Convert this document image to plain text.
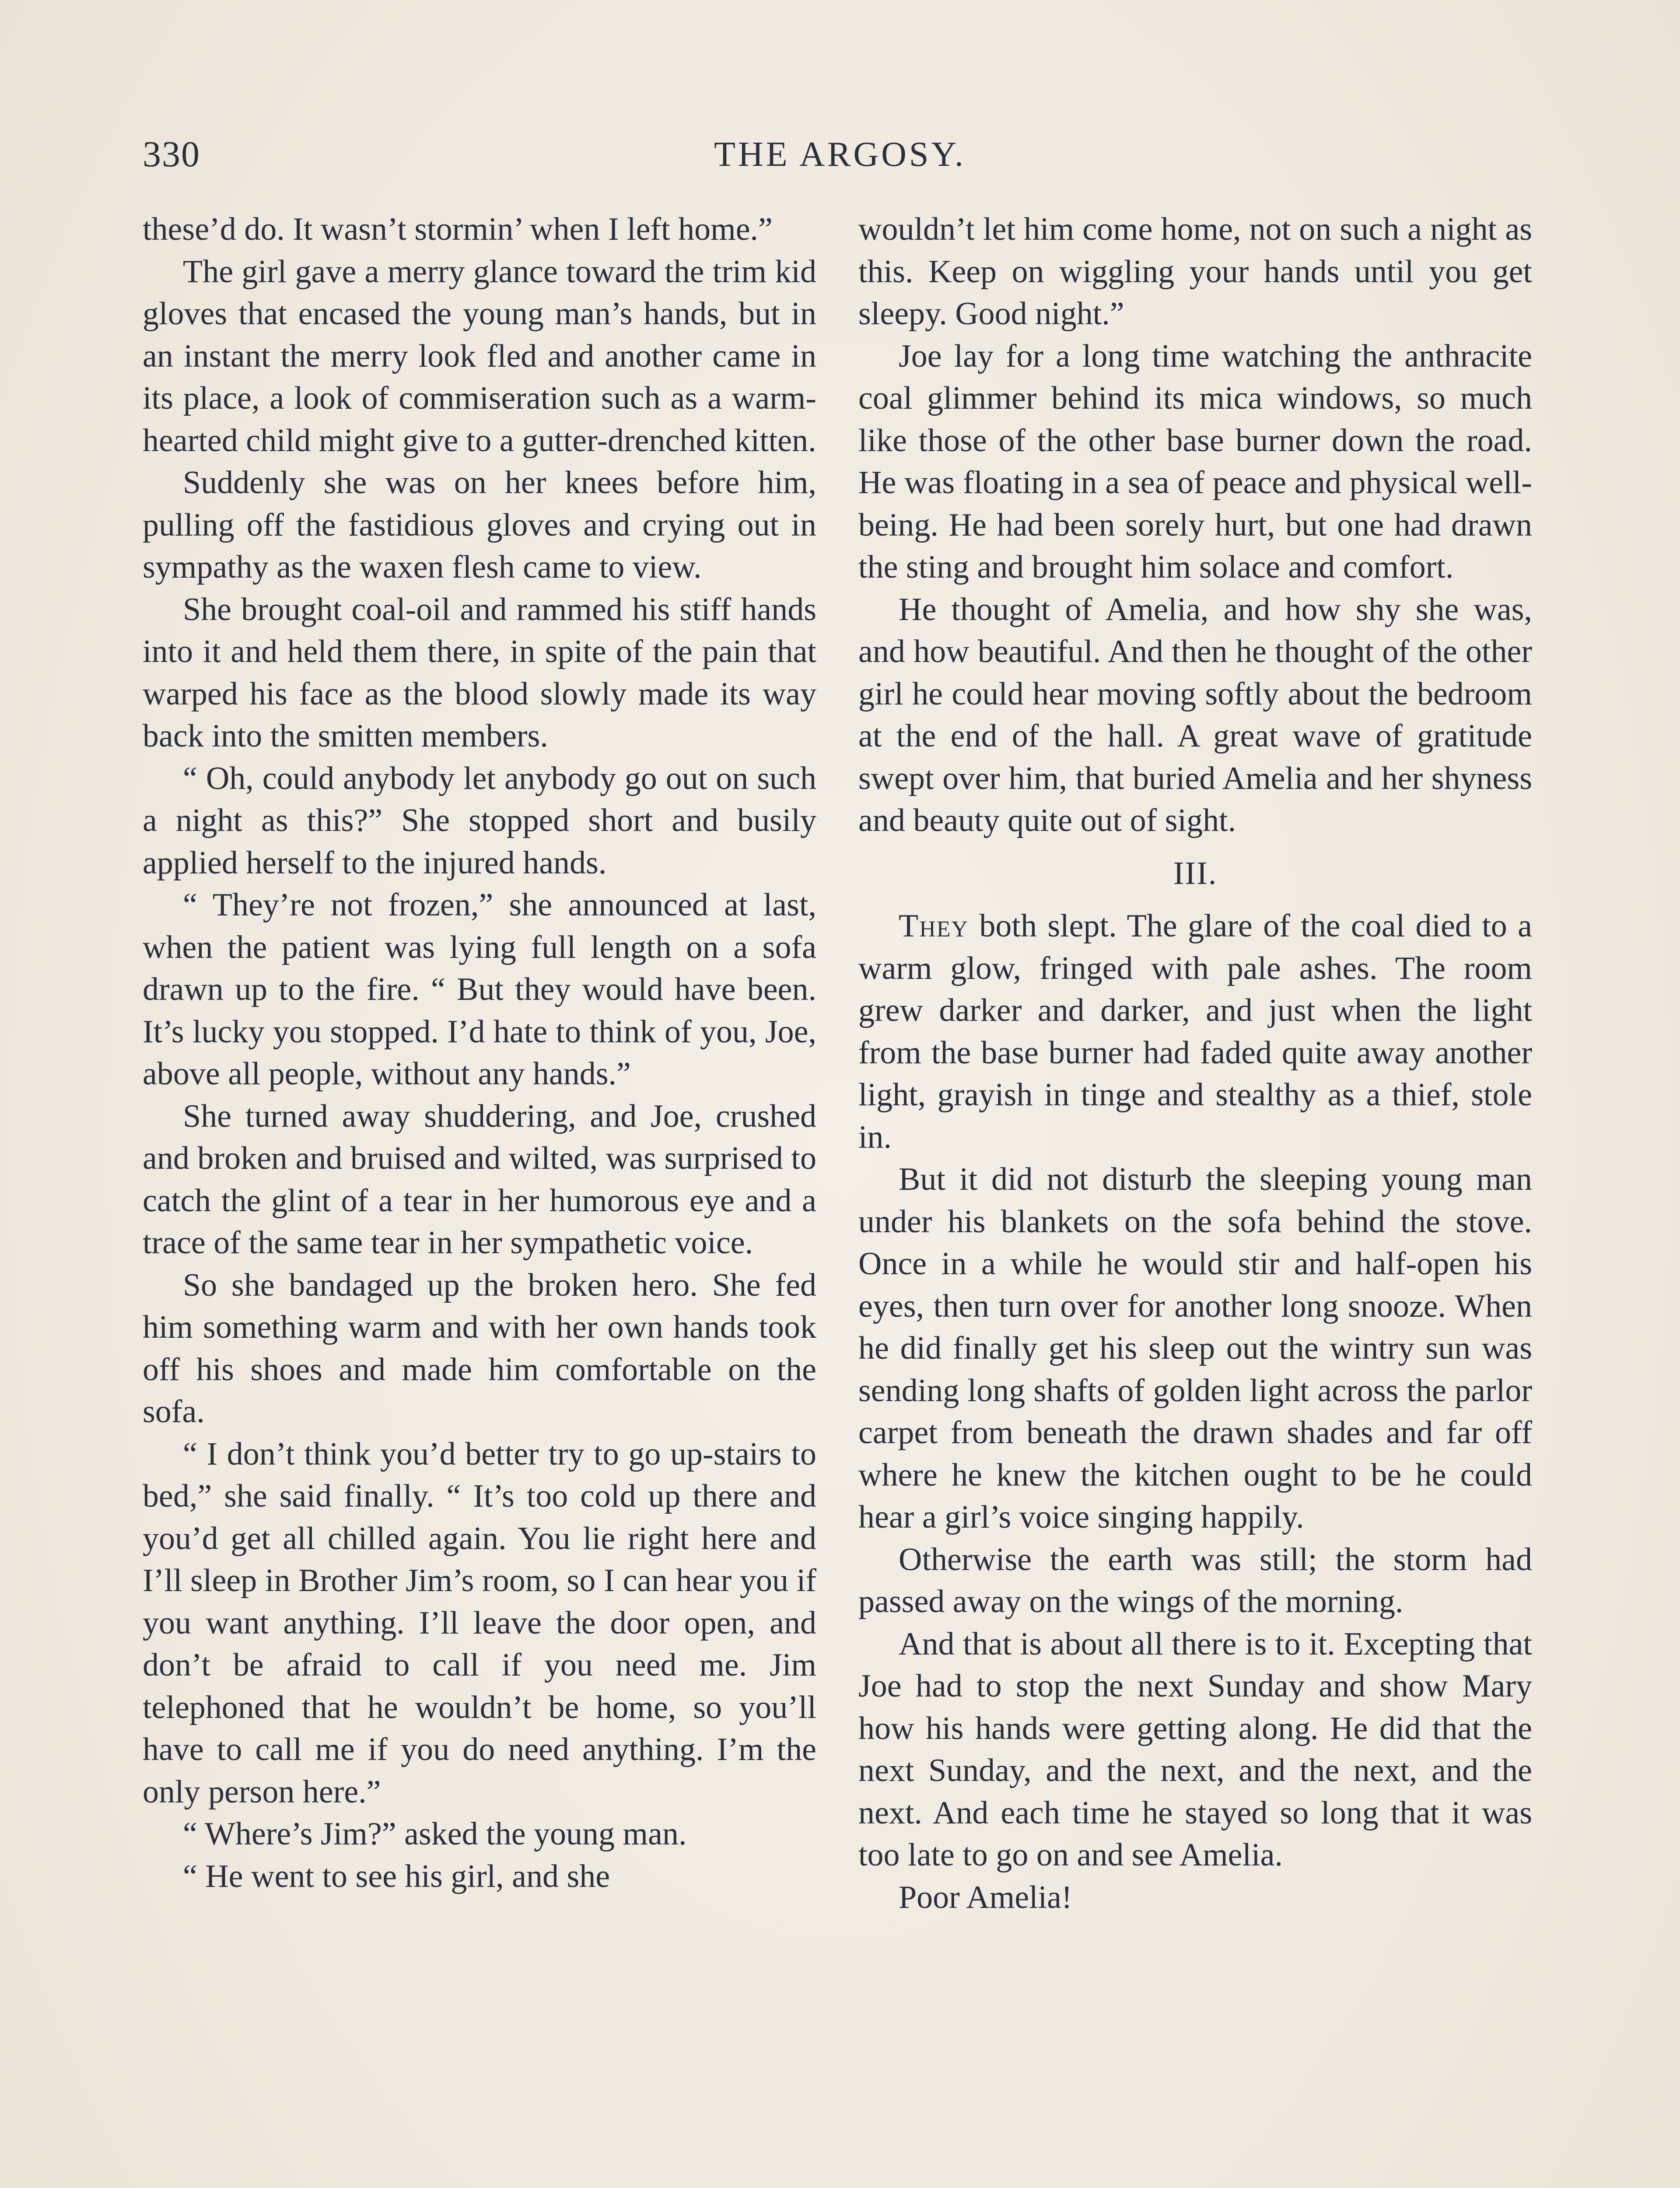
330	THE ARGOSY.

these’d do. It wasn’t stormin’ when I left home.”

The girl gave a merry glance toward the trim kid gloves that encased the young man’s hands, but in an instant the merry look fled and another came in its place, a look of commiseration such as a warm-hearted child might give to a gutter-drenched kitten.

Suddenly she was on her knees before him, pulling off the fastidious gloves and crying out in sympathy as the waxen flesh came to view.

She brought coal-oil and rammed his stiff hands into it and held them there, in spite of the pain that warped his face as the blood slowly made its way back into the smitten members.

“ Oh, could anybody let anybody go out on such a night as this?” She stopped short and busily applied herself to the injured hands.

“ They’re not frozen,” she announced at last, when the patient was lying full length on a sofa drawn up to the fire. “ But they would have been. It’s lucky you stopped. I’d hate to think of you, Joe, above all people, without any hands.”

She turned away shuddering, and Joe, crushed and broken and bruised and wilted, was surprised to catch the glint of a tear in her humorous eye and a trace of the same tear in her sympathetic voice.

So she bandaged up the broken hero. She fed him something warm and with her own hands took off his shoes and made him comfortable on the sofa.

“ I don’t think you’d better try to go up-stairs to bed,” she said finally. “ It’s too cold up there and you’d get all chilled again. You lie right here and I’ll sleep in Brother Jim’s room, so I can hear you if you want anything. I’ll leave the door open, and don’t be afraid to call if you need me. Jim telephoned that he wouldn’t be home, so you’ll have to call me if you do need anything. I’m the only person here.”

“ Where’s Jim?” asked the young man.

“ He went to see his girl, and she

wouldn’t let him come home, not on such a night as this. Keep on wiggling your hands until you get sleepy. Good night.”

Joe lay for a long time watching the anthracite coal glimmer behind its mica windows, so much like those of the other base burner down the road. He was floating in a sea of peace and physical well-being. He had been sorely hurt, but one had drawn the sting and brought him solace and comfort.

He thought of Amelia, and how shy she was, and how beautiful. And then he thought of the other girl he could hear moving softly about the bedroom at the end of the hall. A great wave of gratitude swept over him, that buried Amelia and her shyness and beauty quite out of sight.

III.

They both slept. The glare of the coal died to a warm glow, fringed with pale ashes. The room grew darker and darker, and just when the light from the base burner had faded quite away another light, grayish in tinge and stealthy as a thief, stole in.

But it did not disturb the sleeping young man under his blankets on the sofa behind the stove. Once in a while he would stir and half-open his eyes, then turn over for another long snooze. When he did finally get his sleep out the wintry sun was sending long shafts of golden light across the parlor carpet from beneath the drawn shades and far off where he knew the kitchen ought to be he could hear a girl’s voice singing happily.

Otherwise the earth was still; the storm had passed away on the wings of the morning.

And that is about all there is to it. Excepting that Joe had to stop the next Sunday and show Mary how his hands were getting along. He did that the next Sunday, and the next, and the next, and the next. And each time he stayed so long that it was too late to go on and see Amelia.

Poor Amelia!
